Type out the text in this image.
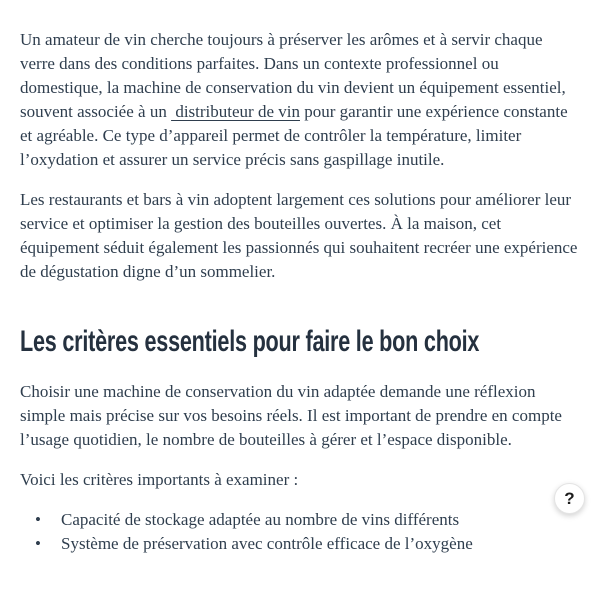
Un amateur de vin cherche toujours à préserver les arômes et à servir chaque verre dans des conditions parfaites. Dans un contexte professionnel ou domestique, la machine de conservation du vin devient un équipement essentiel, souvent associée à un  distributeur de vin pour garantir une expérience constante et agréable. Ce type d’appareil permet de contrôler la température, limiter l’oxydation et assurer un service précis sans gaspillage inutile.

Les restaurants et bars à vin adoptent largement ces solutions pour améliorer leur service et optimiser la gestion des bouteilles ouvertes. À la maison, cet équipement séduit également les passionnés qui souhaitent recréer une expérience de dégustation digne d’un sommelier.

Les critères essentiels pour faire le bon choix

Choisir une machine de conservation du vin adaptée demande une réflexion simple mais précise sur vos besoins réels. Il est important de prendre en compte l’usage quotidien, le nombre de bouteilles à gérer et l’espace disponible.

Voici les critères importants à examiner :

• Capacité de stockage adaptée au nombre de vins différents
• Système de préservation avec contrôle efficace de l’oxygène
?
